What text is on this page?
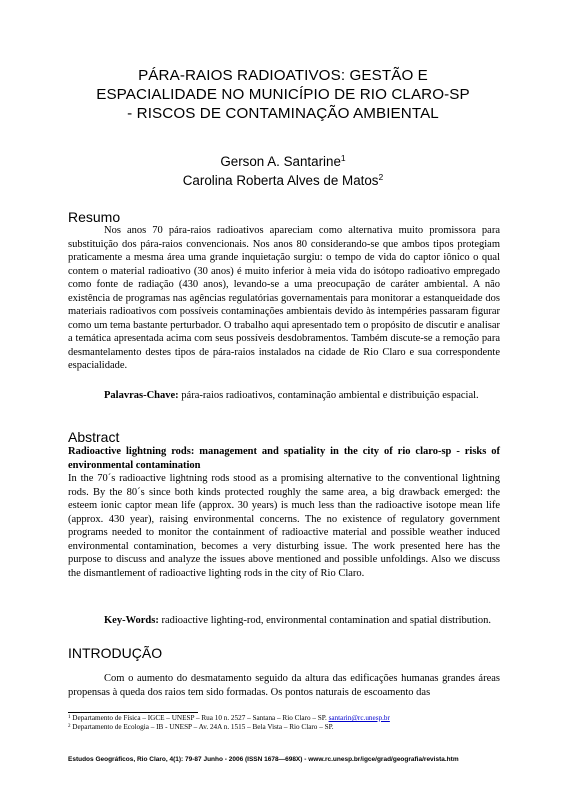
PÁRA-RAIOS RADIOATIVOS: GESTÃO E
ESPACIALIDADE NO MUNICÍPIO DE RIO CLARO-SP
- RISCOS DE CONTAMINAÇÃO AMBIENTAL
Gerson A. Santarine$^1$
Carolina Roberta Alves de Matos$^2$
Resumo
Nos anos 70 pára-raios radioativos apareciam como alternativa muito promissora para substituição dos pára-raios convencionais. Nos anos 80 considerando-se que ambos tipos protegiam praticamente a mesma área uma grande inquietação surgiu: o tempo de vida do captor iônico o qual contem o material radioativo (30 anos) é muito inferior à meia vida do isótopo radioativo empregado como fonte de radiação (430 anos), levando-se a uma preocupação de caráter ambiental. A não existência de programas nas agências regulatórias governamentais para monitorar a estanqueidade dos materiais radioativos com possíveis contaminações ambientais devido às intempéries passaram figurar como um tema bastante perturbador. O trabalho aqui apresentado tem o propósito de discutir e analisar a temática apresentada acima com seus possíveis desdobramentos. Também discute-se a remoção para desmantelamento destes tipos de pára-raios instalados na cidade de Rio Claro e sua correspondente espacialidade.
Palavras-Chave: pára-raios radioativos, contaminação ambiental e distribuição espacial.
Abstract
Radioactive lightning rods: management and spatiality in the city of rio claro-sp - risks of environmental contamination
In the 70´s radioactive lightning rods stood as a promising alternative to the conventional lightning rods. By the 80´s since both kinds protected roughly the same area, a big drawback emerged: the esteem ionic captor mean life (approx. 30 years) is much less than the radioactive isotope mean life (approx. 430 year), raising environmental concerns. The no existence of regulatory government programs needed to monitor the containment of radioactive material and possible weather induced environmental contamination, becomes a very disturbing issue. The work presented here has the purpose to discuss and analyze the issues above mentioned and possible unfoldings. Also we discuss the dismantlement of radioactive lighting rods in the city of Rio Claro.
Key-Words: radioactive lighting-rod, environmental contamination and spatial distribution.
INTRODUÇÃO
Com o aumento do desmatamento seguido da altura das edificações humanas grandes áreas propensas à queda dos raios tem sido formadas. Os pontos naturais de escoamento das
$^1$ Departamento de Física – IGCE – UNESP – Rua 10 n. 2527 – Santana – Rio Claro – SP. santarin@rc.unesp.br
$^2$ Departamento de Ecologia – IB - UNESP – Av. 24A n. 1515 – Bela Vista – Rio Claro – SP.
Estudos Geográficos, Rio Claro, 4(1): 79-87 Junho - 2006 (ISSN 1678—698X) - www.rc.unesp.br/igce/grad/geografia/revista.htm
